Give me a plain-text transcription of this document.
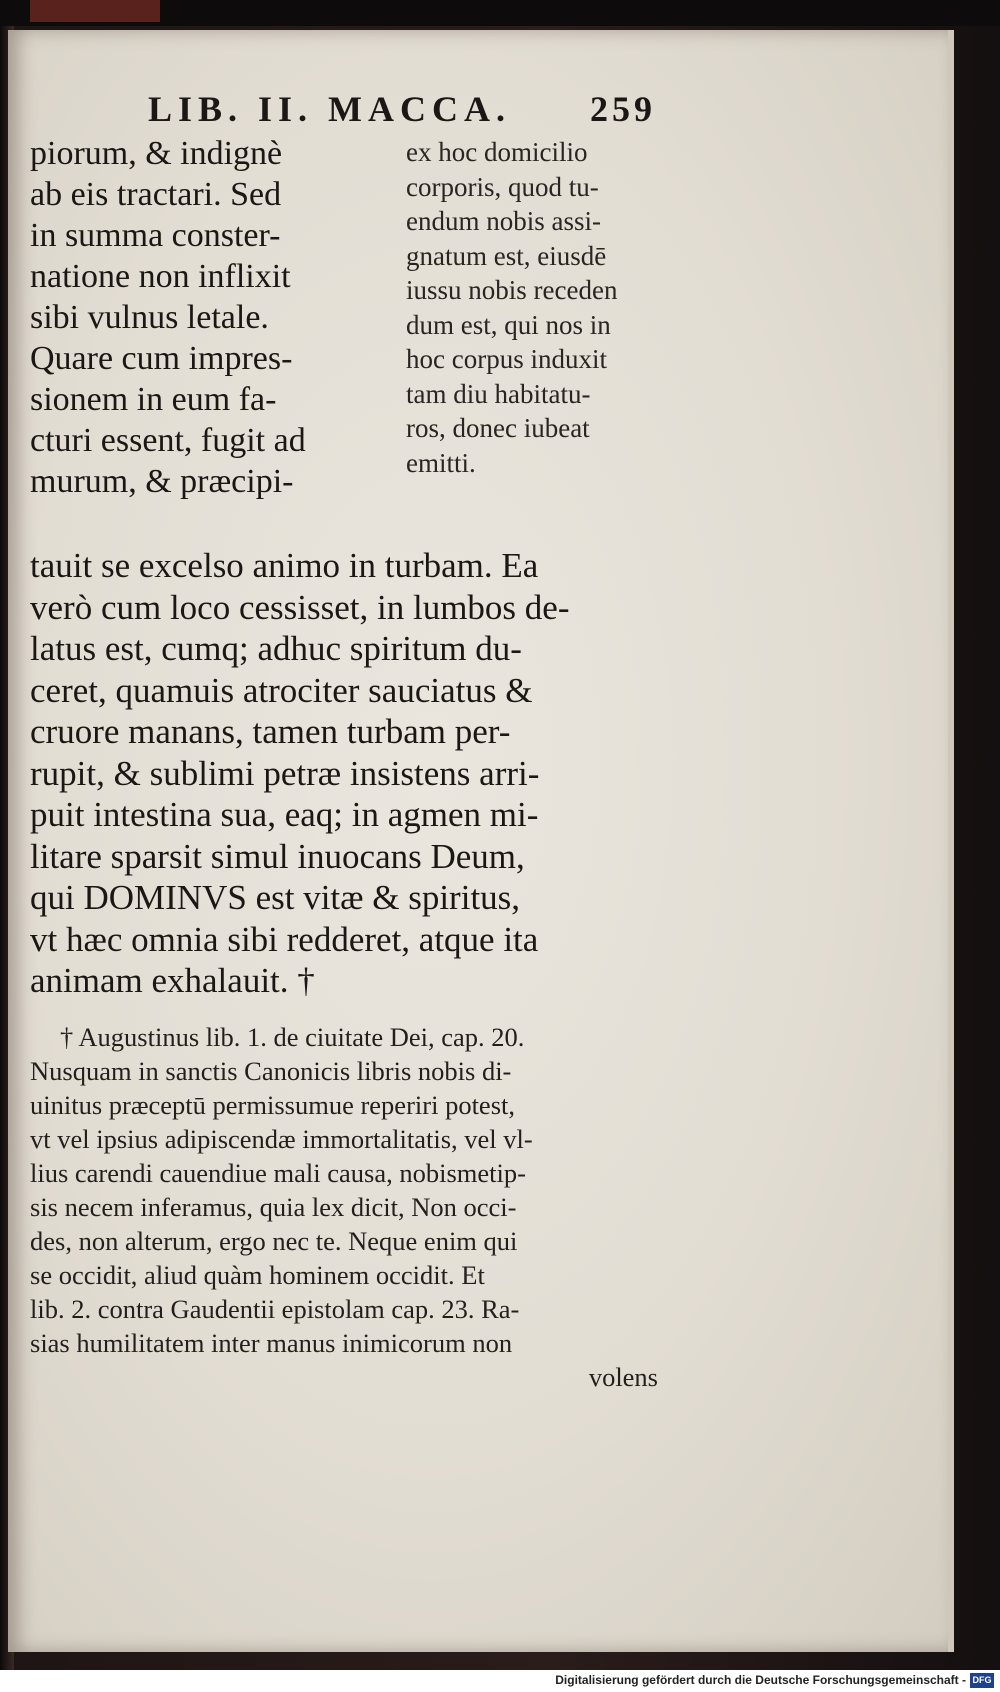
LIB. II. MACCA. 259
piorum, & indignè
ab eis tractari. Sed
in summa conster-
natione non inflixit
sibi vulnus letale.
Quare cum impres-
sionem in eum fa-
cturi essent, fugit ad
murum, & præcipi-
ex hoc domicilio
corporis, quod tu-
endum nobis assi-
gnatum est, eiusdē
iussu nobis receden
dum est, qui nos in
hoc corpus induxit
tam diu habitatu-
ros, donec iubeat
emitti.
tauit se excelso animo in turbam. Ea
verò cum loco cessisset, in lumbos de-
latus est, cumq; adhuc spiritum du-
ceret, quamuis atrociter sauciatus &
cruore manans, tamen turbam per-
rupit, & sublimi petræ insistens arri-
puit intestina sua, eaq; in agmen mi-
litare sparsit simul inuocans Deum,
qui DOMINVS est vitæ & spiritus,
vt hæc omnia sibi redderet, atque ita
animam exhalauit. †
† Augustinus lib. 1. de ciuitate Dei, cap. 20.
Nusquam in sanctis Canonicis libris nobis di-
uinitus præceptū permissumue reperiri potest,
vt vel ipsius adipiscendæ immortalitatis, vel vl-
lius carendi cauendiue mali causa, nobismetip-
sis necem inferamus, quia lex dicit, Non occi-
des, non alterum, ergo nec te. Neque enim qui
se occidit, aliud quàm hominem occidit. Et
lib. 2. contra Gaudentii epistolam cap. 23. Ra-
sias humilitatem inter manus inimicorum non
volens
Digitalisierung gefördert durch die Deutsche Forschungsgemeinschaft - DFG
